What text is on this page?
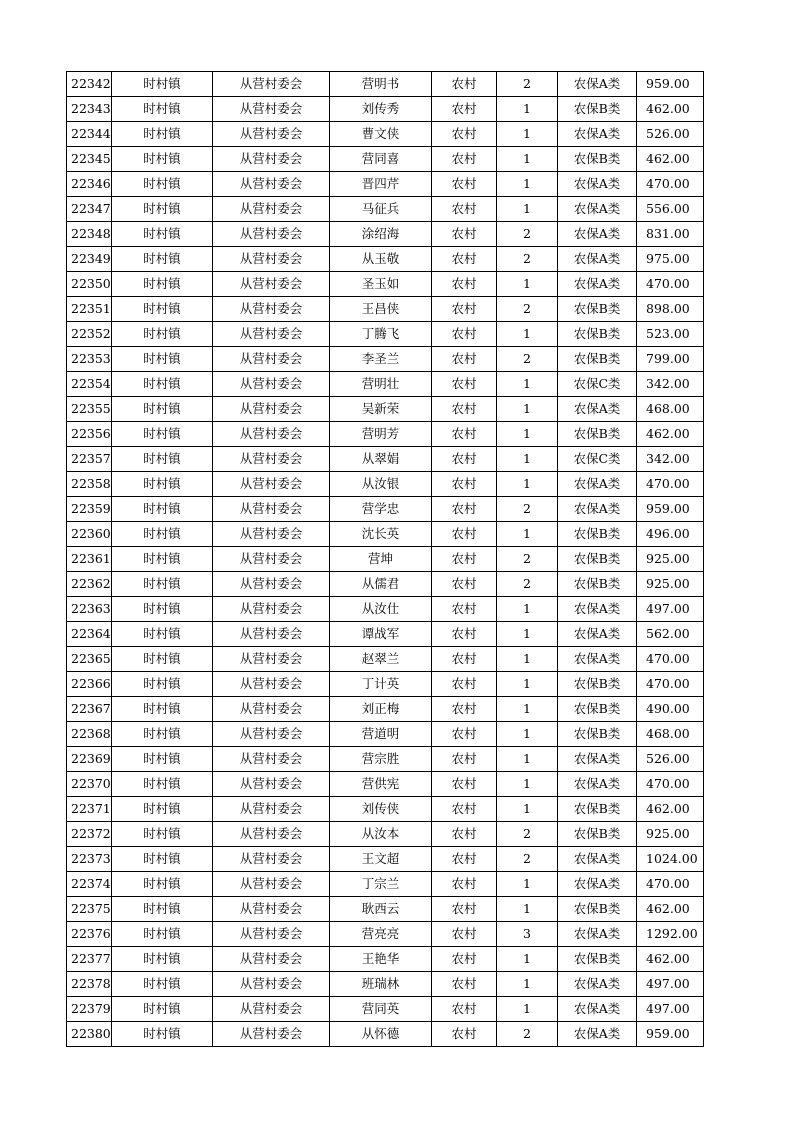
22342	时村镇	从营村委会	营明书	农村	2	农保A类	959.00
22343	时村镇	从营村委会	刘传秀	农村	1	农保B类	462.00
22344	时村镇	从营村委会	曹文侠	农村	1	农保A类	526.00
22345	时村镇	从营村委会	营同喜	农村	1	农保B类	462.00
22346	时村镇	从营村委会	晋四芹	农村	1	农保A类	470.00
22347	时村镇	从营村委会	马征兵	农村	1	农保A类	556.00
22348	时村镇	从营村委会	涂绍海	农村	2	农保A类	831.00
22349	时村镇	从营村委会	从玉敬	农村	2	农保A类	975.00
22350	时村镇	从营村委会	圣玉如	农村	1	农保A类	470.00
22351	时村镇	从营村委会	王昌侠	农村	2	农保B类	898.00
22352	时村镇	从营村委会	丁腾飞	农村	1	农保B类	523.00
22353	时村镇	从营村委会	李圣兰	农村	2	农保B类	799.00
22354	时村镇	从营村委会	营明壮	农村	1	农保C类	342.00
22355	时村镇	从营村委会	吴新荣	农村	1	农保A类	468.00
22356	时村镇	从营村委会	营明芳	农村	1	农保B类	462.00
22357	时村镇	从营村委会	从翠娟	农村	1	农保C类	342.00
22358	时村镇	从营村委会	从汝银	农村	1	农保A类	470.00
22359	时村镇	从营村委会	营学忠	农村	2	农保A类	959.00
22360	时村镇	从营村委会	沈长英	农村	1	农保B类	496.00
22361	时村镇	从营村委会	营坤	农村	2	农保B类	925.00
22362	时村镇	从营村委会	从儒君	农村	2	农保B类	925.00
22363	时村镇	从营村委会	从汝仕	农村	1	农保A类	497.00
22364	时村镇	从营村委会	谭战军	农村	1	农保A类	562.00
22365	时村镇	从营村委会	赵翠兰	农村	1	农保A类	470.00
22366	时村镇	从营村委会	丁计英	农村	1	农保B类	470.00
22367	时村镇	从营村委会	刘正梅	农村	1	农保B类	490.00
22368	时村镇	从营村委会	营道明	农村	1	农保B类	468.00
22369	时村镇	从营村委会	营宗胜	农村	1	农保A类	526.00
22370	时村镇	从营村委会	营供宪	农村	1	农保A类	470.00
22371	时村镇	从营村委会	刘传侠	农村	1	农保B类	462.00
22372	时村镇	从营村委会	从汝本	农村	2	农保B类	925.00
22373	时村镇	从营村委会	王文超	农村	2	农保A类	1024.00
22374	时村镇	从营村委会	丁宗兰	农村	1	农保A类	470.00
22375	时村镇	从营村委会	耿西云	农村	1	农保B类	462.00
22376	时村镇	从营村委会	营亮亮	农村	3	农保A类	1292.00
22377	时村镇	从营村委会	王艳华	农村	1	农保B类	462.00
22378	时村镇	从营村委会	班瑞林	农村	1	农保A类	497.00
22379	时村镇	从营村委会	营同英	农村	1	农保A类	497.00
22380	时村镇	从营村委会	从怀德	农村	2	农保A类	959.00
